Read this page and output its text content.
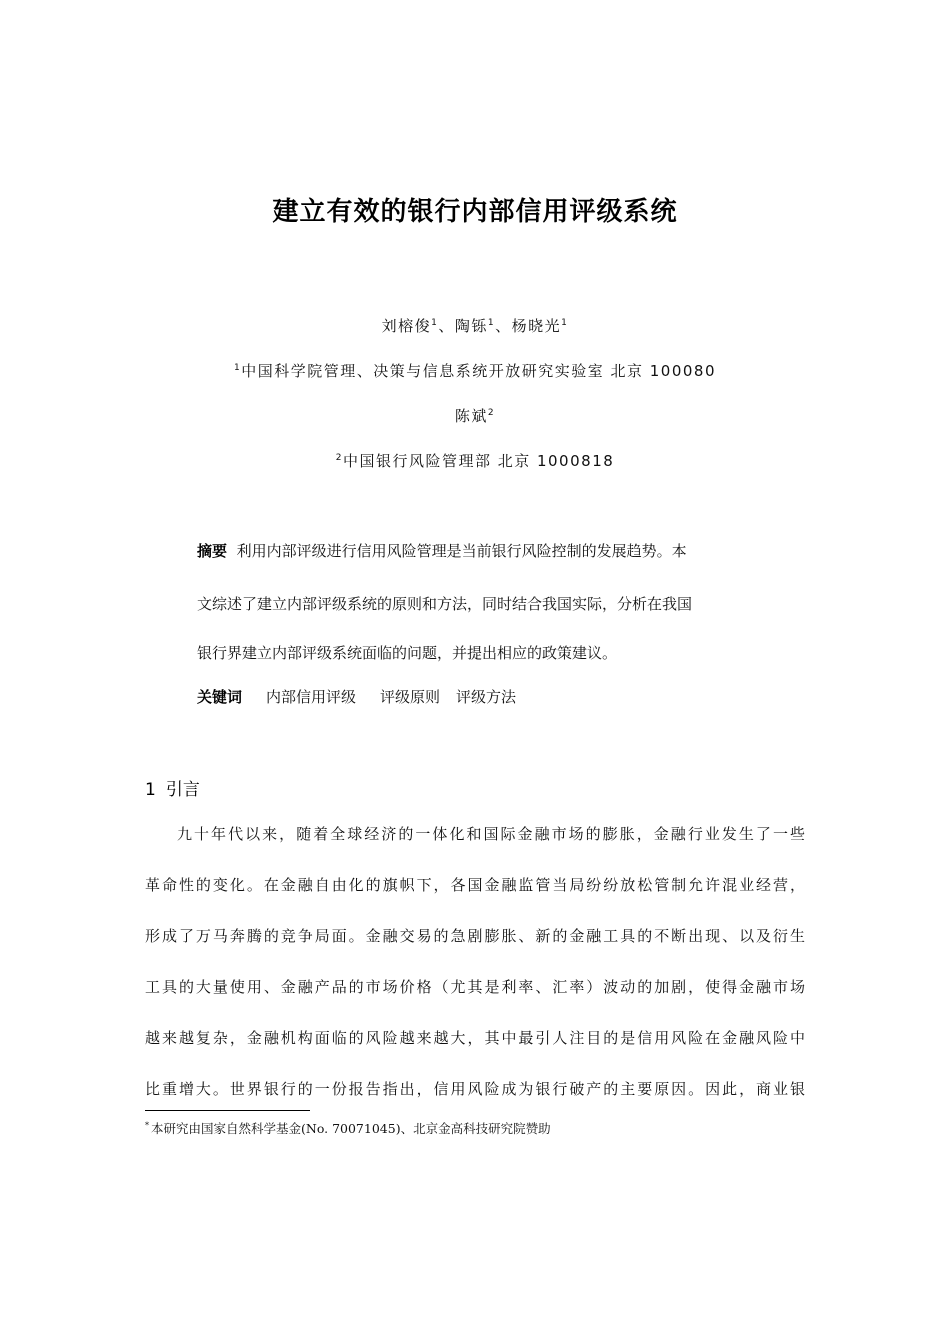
建立有效的银行内部信用评级系统
刘榕俊$^1$、陶铄$^1$、杨晓光$^1$
$^1$中国科学院管理、决策与信息系统开放研究实验室 北京 100080
陈斌$^2$
$^2$中国银行风险管理部 北京 1000818
摘要 利用内部评级进行信用风险管理是当前银行风险控制的发展趋势。本
文综述了建立内部评级系统的原则和方法，同时结合我国实际，分析在我国
银行界建立内部评级系统面临的问题，并提出相应的政策建议。
关键词 内部信用评级 评级原则 评级方法
1 引言
九十年代以来，随着全球经济的一体化和国际金融市场的膨胀，金融行业发生了一些
革命性的变化。在金融自由化的旗帜下，各国金融监管当局纷纷放松管制允许混业经营，
形成了万马奔腾的竞争局面。金融交易的急剧膨胀、新的金融工具的不断出现、以及衍生
工具的大量使用、金融产品的市场价格（尤其是利率、汇率）波动的加剧，使得金融市场
越来越复杂，金融机构面临的风险越来越大，其中最引人注目的是信用风险在金融风险中
比重增大。世界银行的一份报告指出，信用风险成为银行破产的主要原因。因此，商业银
* 本研究由国家自然科学基金(No. 70071045)、北京金高科技研究院赞助
